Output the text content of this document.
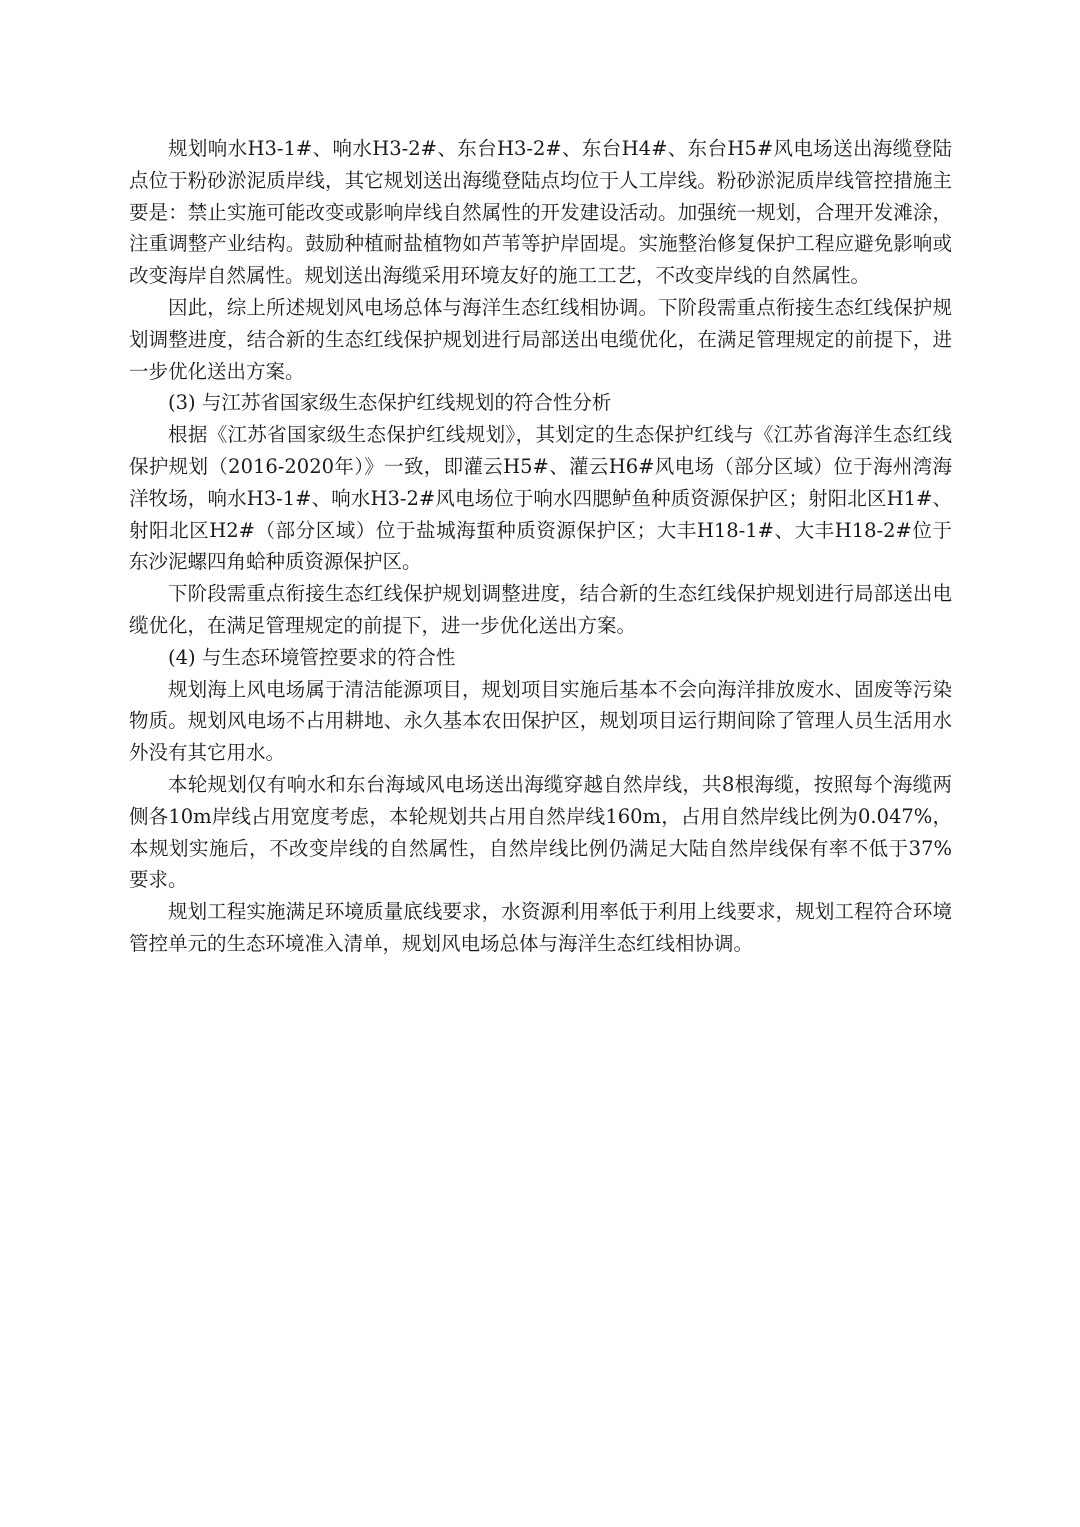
规划响水H3-1#、响水H3-2#、东台H3-2#、东台H4#、东台H5#风电场送出海缆登陆点位于粉砂淤泥质岸线，其它规划送出海缆登陆点均位于人工岸线。粉砂淤泥质岸线管控措施主要是：禁止实施可能改变或影响岸线自然属性的开发建设活动。加强统一规划，合理开发滩涂，注重调整产业结构。鼓励种植耐盐植物如芦苇等护岸固堤。实施整治修复保护工程应避免影响或改变海岸自然属性。规划送出海缆采用环境友好的施工工艺，不改变岸线的自然属性。

因此，综上所述规划风电场总体与海洋生态红线相协调。下阶段需重点衔接生态红线保护规划调整进度，结合新的生态红线保护规划进行局部送出电缆优化，在满足管理规定的前提下，进一步优化送出方案。

(3) 与江苏省国家级生态保护红线规划的符合性分析

根据《江苏省国家级生态保护红线规划》，其划定的生态保护红线与《江苏省海洋生态红线保护规划（2016-2020年）》一致，即灌云H5#、灌云H6#风电场（部分区域）位于海州湾海洋牧场，响水H3-1#、响水H3-2#风电场位于响水四腮鲈鱼种质资源保护区；射阳北区H1#、射阳北区H2#（部分区域）位于盐城海蜇种质资源保护区；大丰H18-1#、大丰H18-2#位于东沙泥螺四角蛤种质资源保护区。

下阶段需重点衔接生态红线保护规划调整进度，结合新的生态红线保护规划进行局部送出电缆优化，在满足管理规定的前提下，进一步优化送出方案。

(4) 与生态环境管控要求的符合性

规划海上风电场属于清洁能源项目，规划项目实施后基本不会向海洋排放废水、固废等污染物质。规划风电场不占用耕地、永久基本农田保护区，规划项目运行期间除了管理人员生活用水外没有其它用水。

本轮规划仅有响水和东台海域风电场送出海缆穿越自然岸线，共8根海缆，按照每个海缆两侧各10m岸线占用宽度考虑，本轮规划共占用自然岸线160m，占用自然岸线比例为0.047%，本规划实施后，不改变岸线的自然属性，自然岸线比例仍满足大陆自然岸线保有率不低于37%要求。

规划工程实施满足环境质量底线要求，水资源利用率低于利用上线要求，规划工程符合环境管控单元的生态环境准入清单，规划风电场总体与海洋生态红线相协调。
